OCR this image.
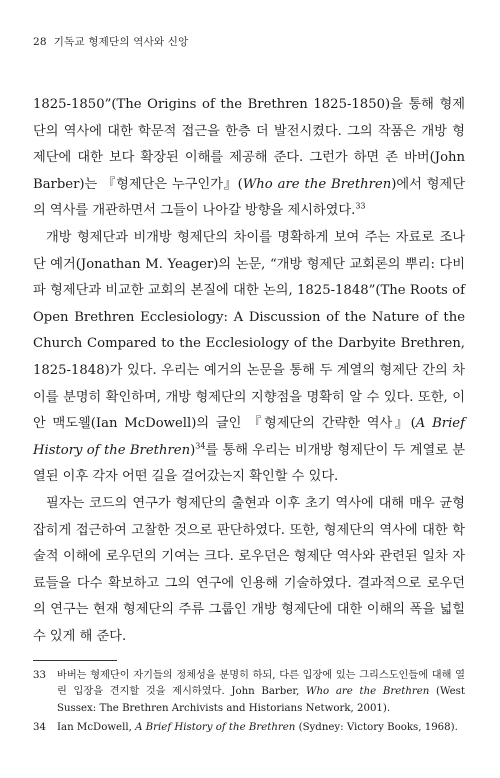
28 기독교 형제단의 역사와 신앙

1825-1850”(The Origins of the Brethren 1825-1850)을 통해 형제단의 역사에 대한 학문적 접근을 한층 더 발전시켰다. 그의 작품은 개방 형제단에 대한 보다 확장된 이해를 제공해 준다. 그런가 하면 존 바버(John Barber)는 『형제단은 누구인가』(Who are the Brethren)에서 형제단의 역사를 개관하면서 그들이 나아갈 방향을 제시하였다.$^{33}$

개방 형제단과 비개방 형제단의 차이를 명확하게 보여 주는 자료로 조나단 예거(Jonathan M. Yeager)의 논문, “개방 형제단 교회론의 뿌리: 다비파 형제단과 비교한 교회의 본질에 대한 논의, 1825-1848”(The Roots of Open Brethren Ecclesiology: A Discussion of the Nature of the Church Compared to the Ecclesiology of the Darbyite Brethren, 1825-1848)가 있다. 우리는 예거의 논문을 통해 두 계열의 형제단 간의 차이를 분명히 확인하며, 개방 형제단의 지향점을 명확히 알 수 있다. 또한, 이안 맥도웰(Ian McDowell)의 글인 『형제단의 간략한 역사』(A Brief History of the Brethren)$^{34}$를 통해 우리는 비개방 형제단이 두 계열로 분열된 이후 각자 어떤 길을 걸어갔는지 확인할 수 있다.

필자는 코드의 연구가 형제단의 출현과 이후 초기 역사에 대해 매우 균형 잡히게 접근하여 고찰한 것으로 판단하였다. 또한, 형제단의 역사에 대한 학술적 이해에 로우던의 기여는 크다. 로우던은 형제단 역사와 관련된 일차 자료들을 다수 확보하고 그의 연구에 인용해 기술하였다. 결과적으로 로우던의 연구는 현재 형제단의 주류 그룹인 개방 형제단에 대한 이해의 폭을 넓힐 수 있게 해 준다.

33	바버는 형제단이 자기들의 정체성을 분명히 하되, 다른 입장에 있는 그리스도인들에 대해 열린 입장을 견지할 것을 제시하였다. John Barber, Who are the Brethren (West Sussex: The Brethren Archivists and Historians Network, 2001).
34	Ian McDowell, A Brief History of the Brethren (Sydney: Victory Books, 1968).
